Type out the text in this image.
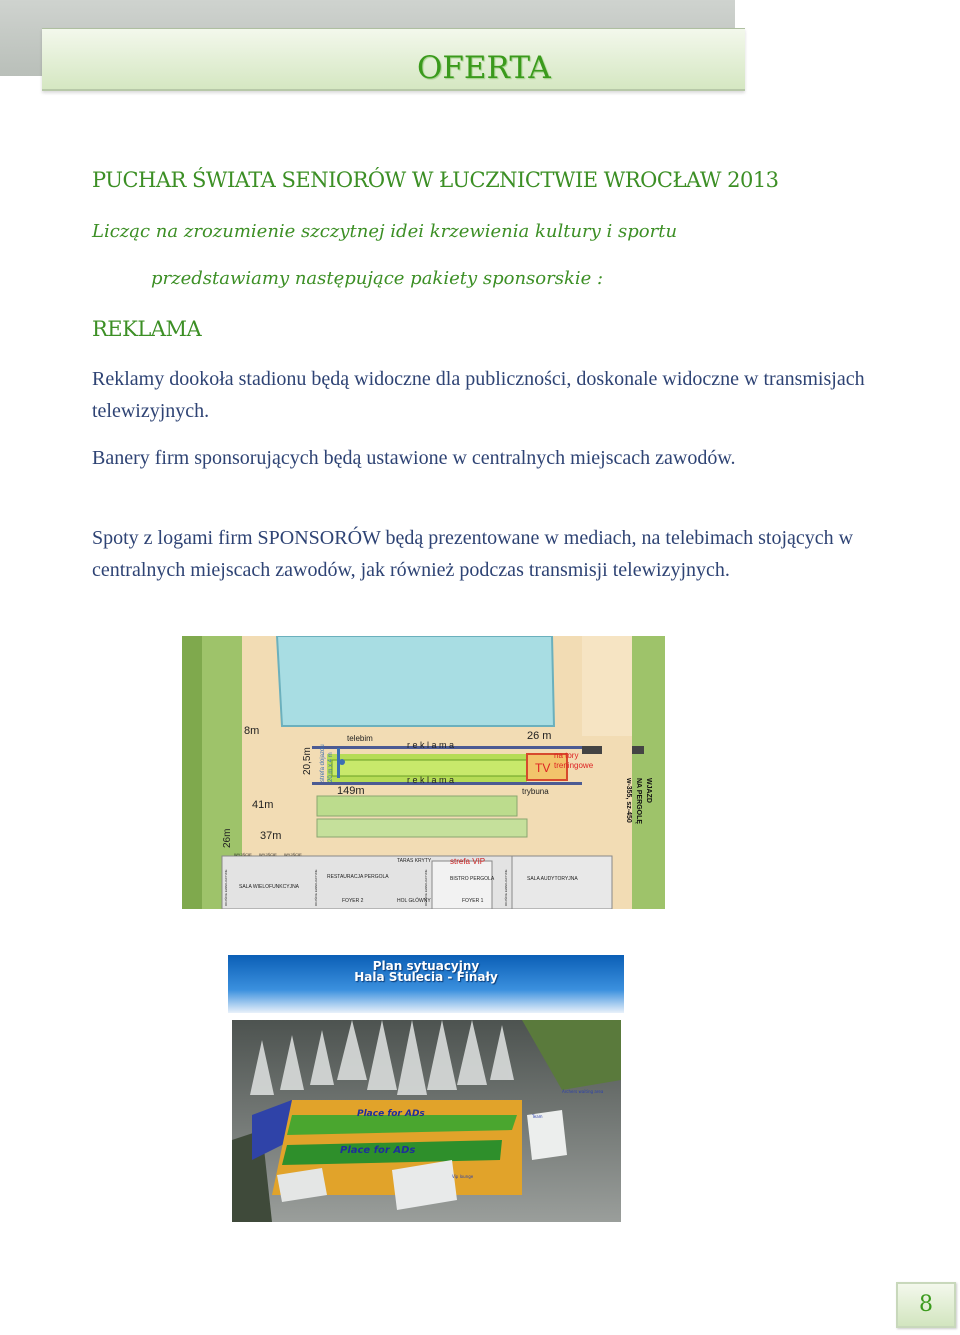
OFERTA
PUCHAR ŚWIATA SENIORÓW W ŁUCZNICTWIE WROCŁAW 2013
Licząc na zrozumienie szczytnej idei krzewienia kultury i sportu
przedstawiamy następujące pakiety sponsorskie :
REKLAMA
Reklamy dookoła stadionu będą widoczne dla publiczności, doskonale widoczne w transmisjach telewizyjnych.
Banery firm sponsorujących będą ustawione w centralnych miejscach zawodów.
Spoty z logami firm SPONSORÓW będą prezentowane w mediach, na telebimach stojących w centralnych miejscach zawodów, jak również podczas transmisji telewizyjnych.
8m
20,5m
149m
41m
37m
26m
26 m
telebim
r e k l a m a
r e k l a m a
TV
na tory
treningowe
trybuna	WJAZD
NA PERGOLĘ
w-355, sz-450
20 m x 4 m
strefa dojazdu
strefa VIP
TARAS KRYTY
SALA WIELOFUNKCYJNA
RESTAURACJA PERGOLA	BISTRO PERGOLA	SALA AUDYTORYJNA
FOYER 2	HOL GŁÓWNY	FOYER 1
WYJŚCIE WYJŚCIE WYJŚCIE
DOJŚCIE EWAKUACYJNE	DOJŚCIE EWAKUACYJNE	DOJŚCIE EWAKUACYJNE	DOJŚCIE EWAKUACYJNE
Plan sytuacyjny
Hala Stulecia - Finały
Place for ADs
Place for ADs
Archers waiting area
Team
Vip lounge
8
